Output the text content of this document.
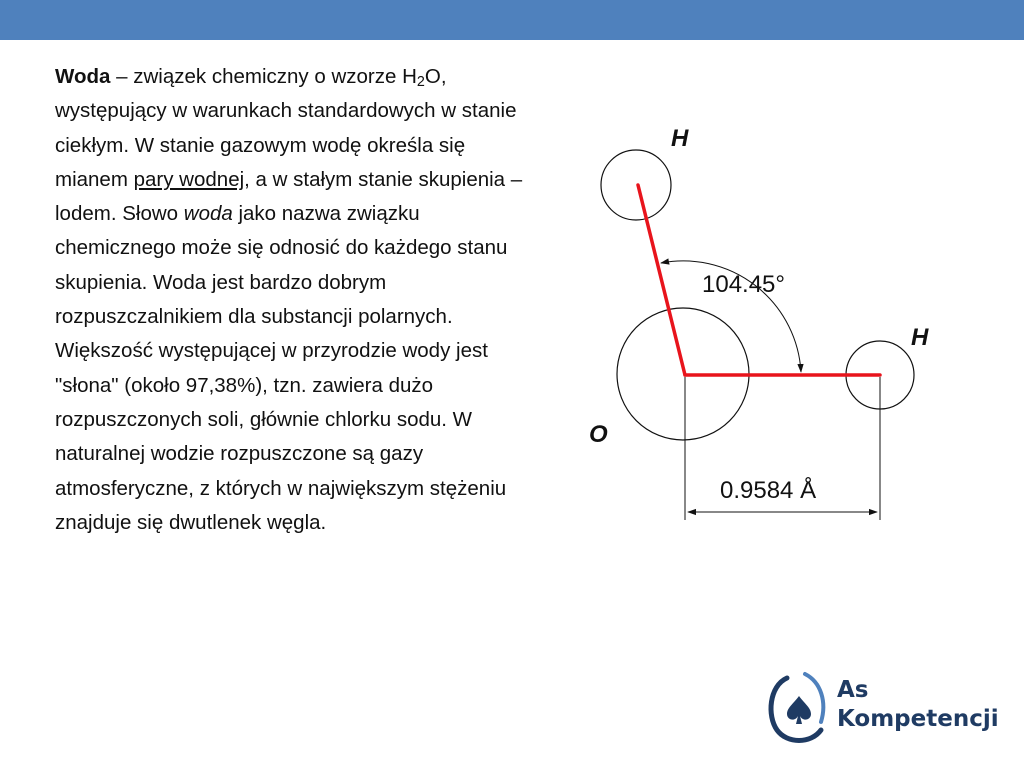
Woda – związek chemiczny o wzorze $H_2O$, występujący w warunkach standardowych w stanie ciekłym. W stanie gazowym wodę określa się mianem pary wodnej, a w stałym stanie skupienia – lodem. Słowo woda jako nazwa związku chemicznego może się odnosić do każdego stanu skupienia. Woda jest bardzo dobrym rozpuszczalnikiem dla substancji polarnych. Większość występującej w przyrodzie wody jest "słona" (około 97,38%), tzn. zawiera dużo rozpuszczonych soli, głównie chlorku sodu. W naturalnej wodzie rozpuszczone są gazy atmosferyczne, z których w największym stężeniu znajduje się dwutlenek węgla.

H
H
O
104.45°
0.9584 Å
As
Kompetencji
